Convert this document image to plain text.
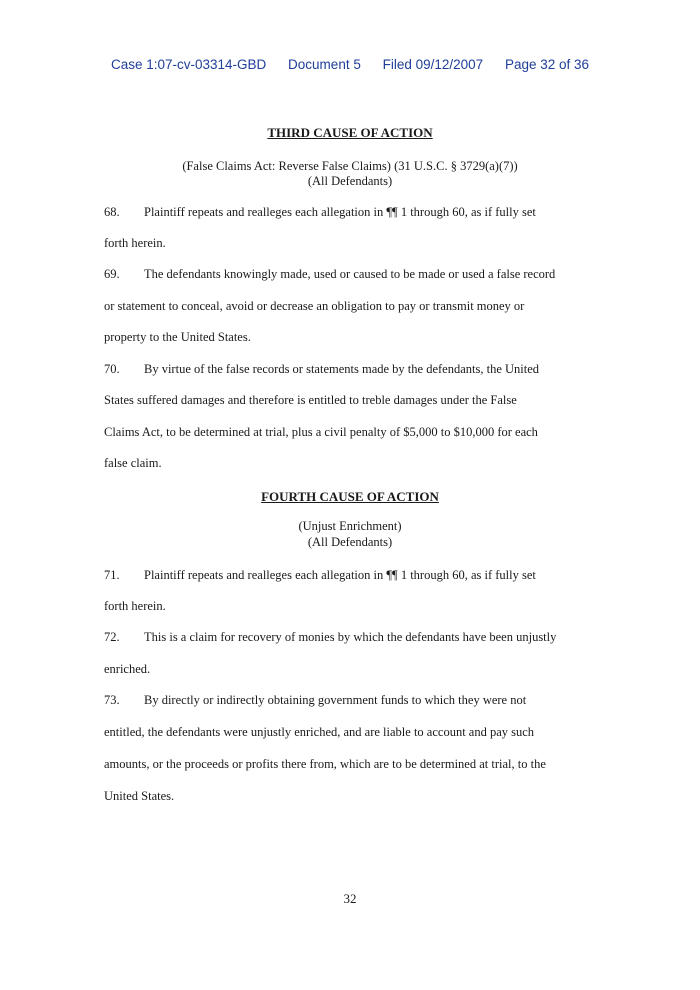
Case 1:07-cv-03314-GBD Document 5 Filed 09/12/2007 Page 32 of 36
THIRD CAUSE OF ACTION
(False Claims Act: Reverse False Claims) (31 U.S.C. § 3729(a)(7))
(All Defendants)
68. Plaintiff repeats and realleges each allegation in ¶¶ 1 through 60, as if fully set
forth herein.
69. The defendants knowingly made, used or caused to be made or used a false record
or statement to conceal, avoid or decrease an obligation to pay or transmit money or
property to the United States.
70. By virtue of the false records or statements made by the defendants, the United
States suffered damages and therefore is entitled to treble damages under the False
Claims Act, to be determined at trial, plus a civil penalty of $5,000 to $10,000 for each
false claim.
FOURTH CAUSE OF ACTION
(Unjust Enrichment)
(All Defendants)
71. Plaintiff repeats and realleges each allegation in ¶¶ 1 through 60, as if fully set
forth herein.
72. This is a claim for recovery of monies by which the defendants have been unjustly
enriched.
73. By directly or indirectly obtaining government funds to which they were not
entitled, the defendants were unjustly enriched, and are liable to account and pay such
amounts, or the proceeds or profits there from, which are to be determined at trial, to the
United States.
32
